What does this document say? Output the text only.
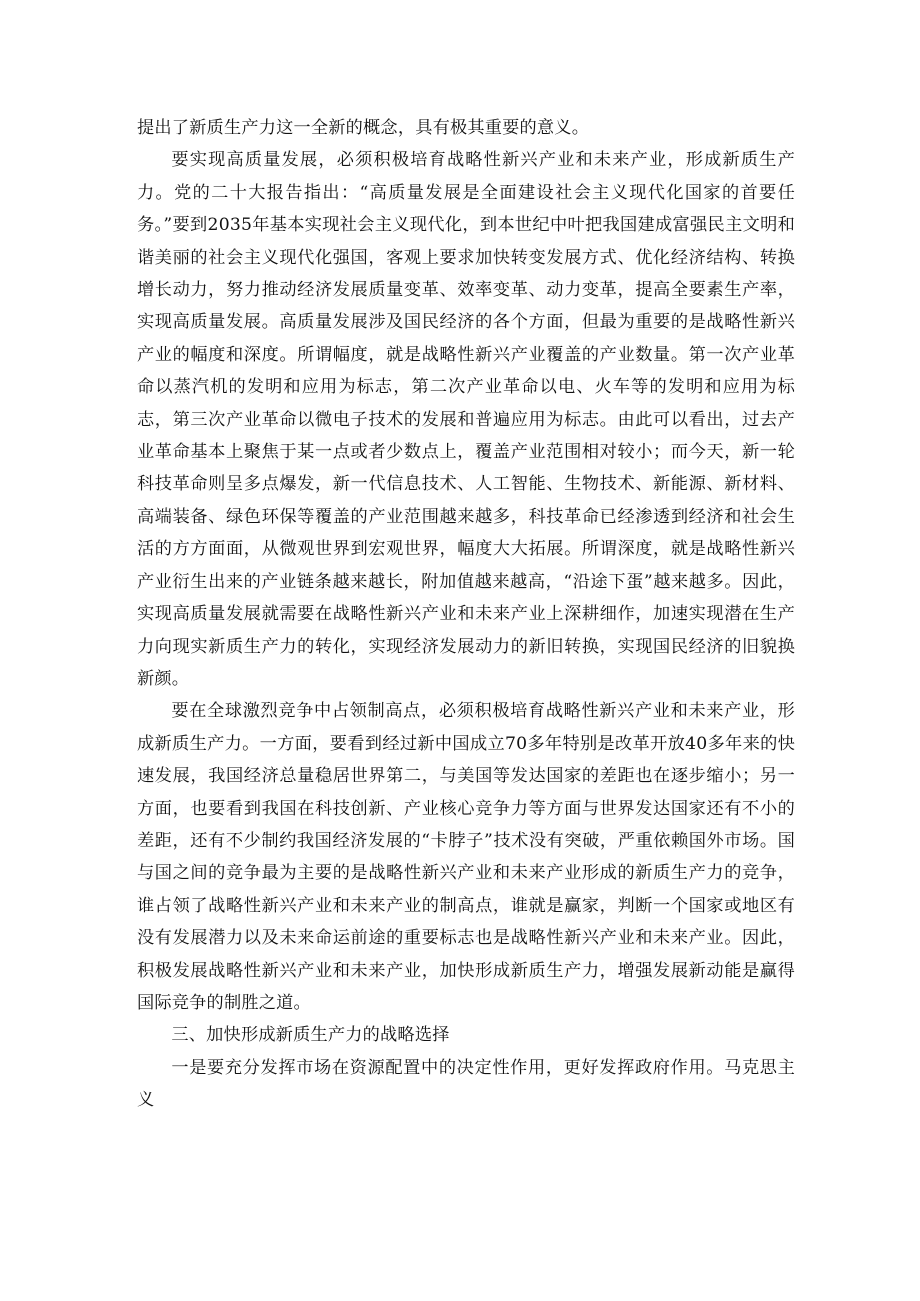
提出了新质生产力这一全新的概念，具有极其重要的意义。

要实现高质量发展，必须积极培育战略性新兴产业和未来产业，形成新质生产力。党的二十大报告指出：“高质量发展是全面建设社会主义现代化国家的首要任务。”要到2035年基本实现社会主义现代化，到本世纪中叶把我国建成富强民主文明和谐美丽的社会主义现代化强国，客观上要求加快转变发展方式、优化经济结构、转换增长动力，努力推动经济发展质量变革、效率变革、动力变革，提高全要素生产率，实现高质量发展。高质量发展涉及国民经济的各个方面，但最为重要的是战略性新兴产业的幅度和深度。所谓幅度，就是战略性新兴产业覆盖的产业数量。第一次产业革命以蒸汽机的发明和应用为标志，第二次产业革命以电、火车等的发明和应用为标志，第三次产业革命以微电子技术的发展和普遍应用为标志。由此可以看出，过去产业革命基本上聚焦于某一点或者少数点上，覆盖产业范围相对较小；而今天，新一轮科技革命则呈多点爆发，新一代信息技术、人工智能、生物技术、新能源、新材料、高端装备、绿色环保等覆盖的产业范围越来越多，科技革命已经渗透到经济和社会生活的方方面面，从微观世界到宏观世界，幅度大大拓展。所谓深度，就是战略性新兴产业衍生出来的产业链条越来越长，附加值越来越高，“沿途下蛋”越来越多。因此，实现高质量发展就需要在战略性新兴产业和未来产业上深耕细作，加速实现潜在生产力向现实新质生产力的转化，实现经济发展动力的新旧转换，实现国民经济的旧貌换新颜。

要在全球激烈竞争中占领制高点，必须积极培育战略性新兴产业和未来产业，形成新质生产力。一方面，要看到经过新中国成立70多年特别是改革开放40多年来的快速发展，我国经济总量稳居世界第二，与美国等发达国家的差距也在逐步缩小；另一方面，也要看到我国在科技创新、产业核心竞争力等方面与世界发达国家还有不小的差距，还有不少制约我国经济发展的“卡脖子”技术没有突破，严重依赖国外市场。国与国之间的竞争最为主要的是战略性新兴产业和未来产业形成的新质生产力的竞争，谁占领了战略性新兴产业和未来产业的制高点，谁就是赢家，判断一个国家或地区有没有发展潜力以及未来命运前途的重要标志也是战略性新兴产业和未来产业。因此，积极发展战略性新兴产业和未来产业，加快形成新质生产力，增强发展新动能是赢得国际竞争的制胜之道。

三、加快形成新质生产力的战略选择

一是要充分发挥市场在资源配置中的决定性作用，更好发挥政府作用。马克思主义
